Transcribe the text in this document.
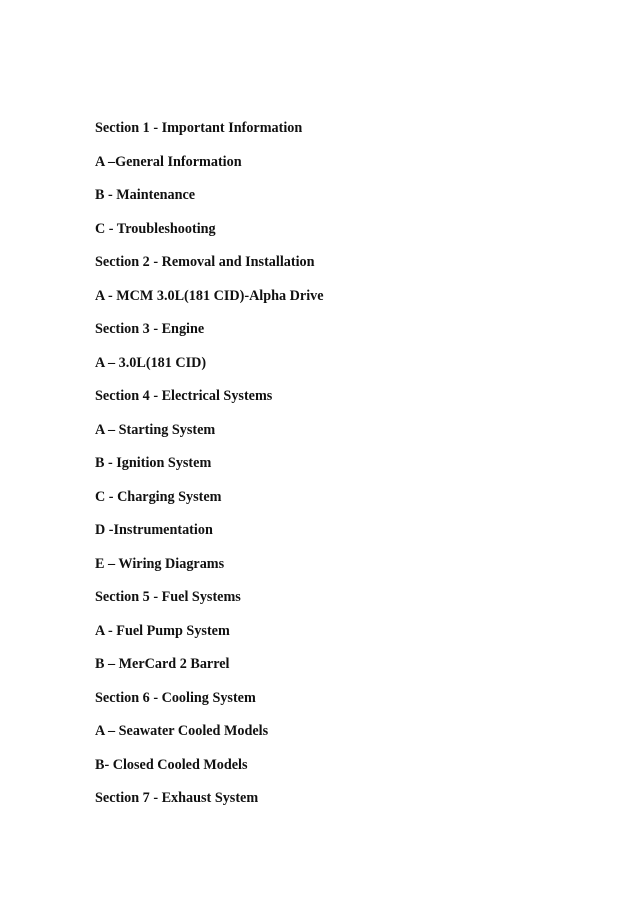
Section 1 - Important Information
A –General Information
B - Maintenance
C - Troubleshooting
Section 2 - Removal and Installation
A - MCM 3.0L(181 CID)-Alpha Drive
Section 3 - Engine
A – 3.0L(181 CID)
Section 4 - Electrical Systems
A – Starting System
B - Ignition System
C - Charging System
D -Instrumentation
E – Wiring Diagrams
Section 5 - Fuel Systems
A - Fuel Pump System
B – MerCard 2 Barrel
Section 6 - Cooling System
A – Seawater Cooled Models
B- Closed Cooled Models
Section 7 - Exhaust System
